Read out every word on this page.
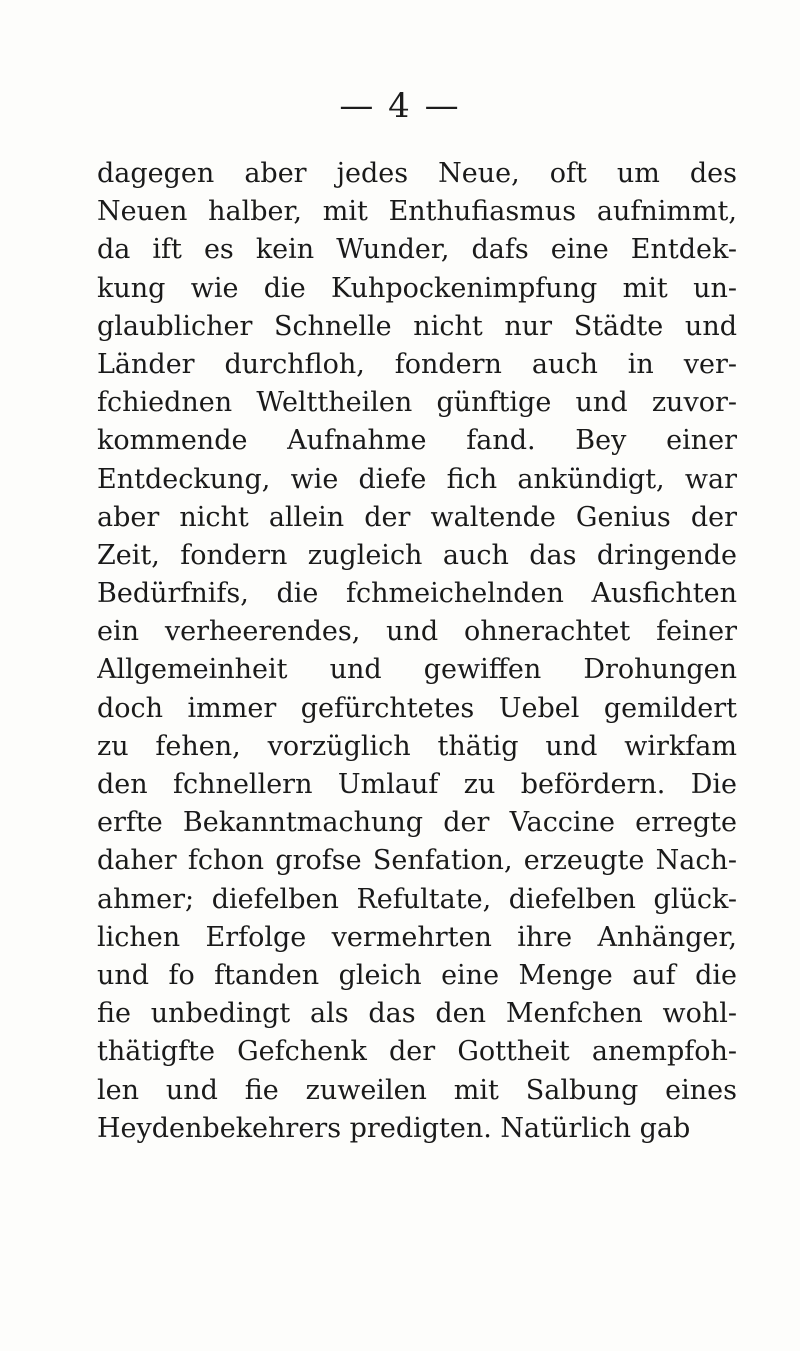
— 4 —
dagegen aber jedes Neue, oft um des
Neuen halber, mit Enthufiasmus aufnimmt,
da ift es kein Wunder, dafs eine Entdek-
kung wie die Kuhpockenimpfung mit un-
glaublicher Schnelle nicht nur Städte und
Länder durchfloh, fondern auch in ver-
fchiednen Welttheilen günftige und zuvor-
kommende Aufnahme fand. Bey einer
Entdeckung, wie diefe fich ankündigt, war
aber nicht allein der waltende Genius der
Zeit, fondern zugleich auch das dringende
Bedürfnifs, die fchmeichelnden Ausfichten
ein verheerendes, und ohnerachtet feiner
Allgemeinheit und gewiffen Drohungen
doch immer gefürchtetes Uebel gemildert
zu fehen, vorzüglich thätig und wirkfam
den fchnellern Umlauf zu befördern. Die
erfte Bekanntmachung der Vaccine erregte
daher fchon grofse Senfation, erzeugte Nach-
ahmer; diefelben Refultate, diefelben glück-
lichen Erfolge vermehrten ihre Anhänger,
und fo ftanden gleich eine Menge auf die
fie unbedingt als das den Menfchen wohl-
thätigfte Gefchenk der Gottheit anempfoh-
len und fie zuweilen mit Salbung eines
Heydenbekehrers predigten. Natürlich gab
